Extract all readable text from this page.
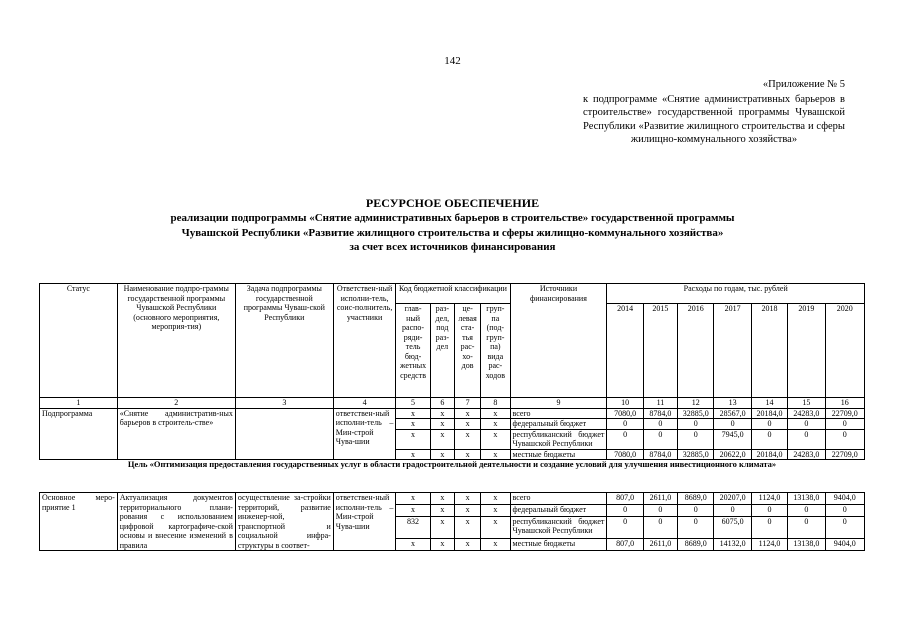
142
«Приложение № 5
к подпрограмме «Снятие административных барьеров в строительстве» государственной программы Чувашской Республики «Развитие жилищного строительства и сферы жилищно-коммунального хозяйства»
РЕСУРСНОЕ ОБЕСПЕЧЕНИЕ
реализации подпрограммы «Снятие административных барьеров в строительстве» государственной программы
Чувашской Республики «Развитие жилищного строительства и сферы жилищно-коммунального хозяйства»
за счет всех источников финансирования
Статус	Наименование подпро-граммы государственной программы Чувашской Республики (основного мероприятия, мероприя-тия)	Задача подпрограммы государственной программы Чуваш-ской Республики	Ответствен-ный исполни-тель, соис-полнитель, участники	Код бюджетной классификации				Источники финансирования	Расходы по годам, тыс. рублей						
				глав-ный распо-ряди-тель бюд-жетных средств	раз-дел, под раз-дел	це-левая ста-тья рас-хо-дов	груп-па (под-груп-па) вида рас-ходов		2014	2015	2016	2017	2018	2019	2020

1	2	3	4	5	6	7	8	9	10	11	12	13	14	15	16
Подпрограмма	«Снятие административ-ных барьеров в строитель-стве»		ответствен-ный исполни-тель – Мин-строй Чува-шии	x	x	x	x	всего	7080,0	8784,0	32885,0	28567,0	20184,0	24283,0	22709,0
				x	x	x	x	федеральный бюджет	0	0	0	0	0	0	0
				x	x	x	x	республиканский бюджет Чувашской Республики	0	0	0	7945,0	0	0	0
				x	x	x	x	местные бюджеты	7080,0	8784,0	32885,0	20622,0	20184,0	24283,0	22709,0
Цель «Оптимизация предоставления государственных услуг в области градостроительной деятельности и создание условий для улучшения инвестиционного климата»															
Основное меро-приятие 1	Актуализация документов территориального плани-рования с использованием цифровой картографиче-ской основы и внесение изменений в правила	осуществление за-стройки территорий, развитие инженер-ной, транспортной и социальной инфра-структуры в соответ-	ответствен-ный исполни-тель – Мин-строй Чува-шии	x	x	x	x	всего	807,0	2611,0	8689,0	20207,0	1124,0	13138,0	9404,0
				x	x	x	x	федеральный бюджет	0	0	0	0	0	0	0
				832	x	x	x	республиканский бюджет Чувашской Республики	0	0	0	6075,0	0	0	0
				x	x	x	x	местные бюджеты	807,0	2611,0	8689,0	14132,0	1124,0	13138,0	9404,0
